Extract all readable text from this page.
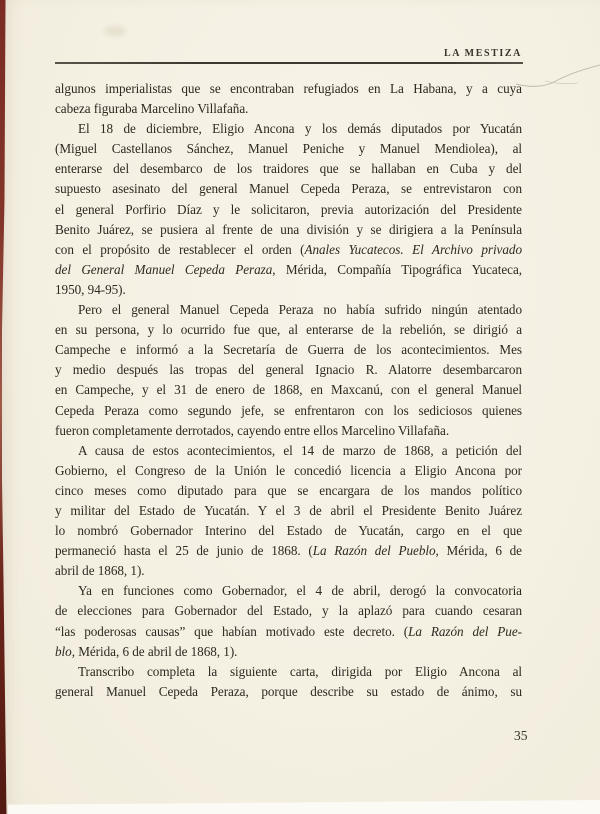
LA MESTIZA
algunos imperialistas que se encontraban refugiados en La Habana, y a cuya
cabeza figuraba Marcelino Villafaña.
El 18 de diciembre, Eligio Ancona y los demás diputados por Yucatán
(Miguel Castellanos Sánchez, Manuel Peniche y Manuel Mendiolea), al
enterarse del desembarco de los traidores que se hallaban en Cuba y del
supuesto asesinato del general Manuel Cepeda Peraza, se entrevistaron con
el general Porfirio Díaz y le solicitaron, previa autorización del Presidente
Benito Juárez, se pusiera al frente de una división y se dirigiera a la Península
con el propósito de restablecer el orden (Anales Yucatecos. El Archivo privado
del General Manuel Cepeda Peraza, Mérida, Compañía Tipográfica Yucateca,
1950, 94-95).
Pero el general Manuel Cepeda Peraza no había sufrido ningún atentado
en su persona, y lo ocurrido fue que, al enterarse de la rebelión, se dirigió a
Campeche e informó a la Secretaría de Guerra de los acontecimientos. Mes
y medio después las tropas del general Ignacio R. Alatorre desembarcaron
en Campeche, y el 31 de enero de 1868, en Maxcanú, con el general Manuel
Cepeda Peraza como segundo jefe, se enfrentaron con los sediciosos quienes
fueron completamente derrotados, cayendo entre ellos Marcelino Villafaña.
A causa de estos acontecimientos, el 14 de marzo de 1868, a petición del
Gobierno, el Congreso de la Unión le concedió licencia a Eligio Ancona por
cinco meses como diputado para que se encargara de los mandos político
y militar del Estado de Yucatán. Y el 3 de abril el Presidente Benito Juárez
lo nombró Gobernador Interino del Estado de Yucatán, cargo en el que
permaneció hasta el 25 de junio de 1868. (La Razón del Pueblo, Mérida, 6 de
abril de 1868, 1).
Ya en funciones como Gobernador, el 4 de abril, derogó la convocatoria
de elecciones para Gobernador del Estado, y la aplazó para cuando cesaran
“las poderosas causas” que habían motivado este decreto. (La Razón del Pue-
blo, Mérida, 6 de abril de 1868, 1).
Transcribo completa la siguiente carta, dirigida por Eligio Ancona al
general Manuel Cepeda Peraza, porque describe su estado de ánimo, su
35
